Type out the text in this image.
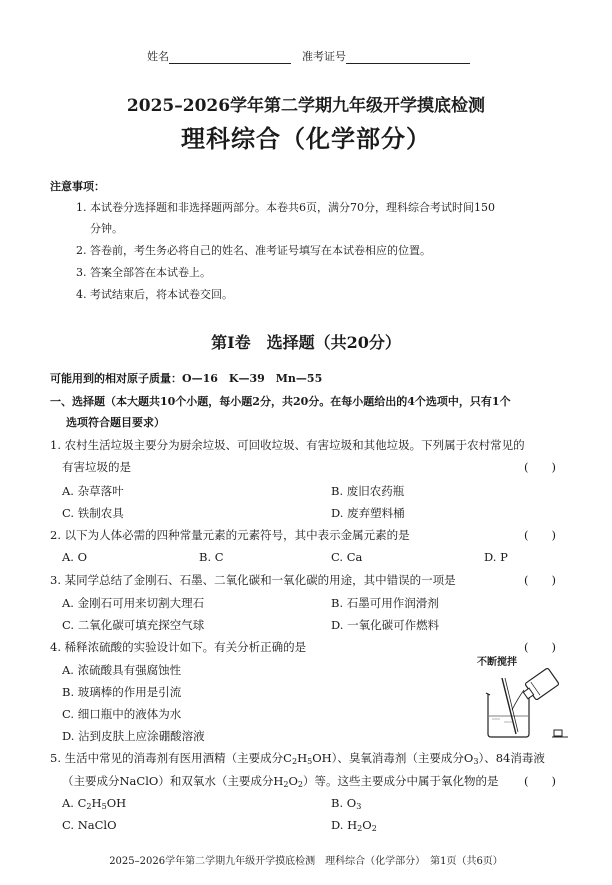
姓名	准考证号
2025–2026学年第二学期九年级开学摸底检测
理科综合（化学部分）
注意事项：
1. 本试卷分选择题和非选择题两部分。本卷共6页，满分70分，理科综合考试时间150
分钟。
2. 答卷前，考生务必将自己的姓名、准考证号填写在本试卷相应的位置。
3. 答案全部答在本试卷上。
4. 考试结束后，将本试卷交回。
第Ⅰ卷　选择题（共20分）
可能用到的相对原子质量：O—16　K—39　Mn—55
一、选择题（本大题共10个小题，每小题2分，共20分。在每小题给出的4个选项中，只有1个
选项符合题目要求）
1. 农村生活垃圾主要分为厨余垃圾、可回收垃圾、有害垃圾和其他垃圾。下列属于农村常见的
有害垃圾的是	(　　)
A. 杂草落叶	B. 废旧农药瓶
C. 铁制农具	D. 废弃塑料桶
2. 以下为人体必需的四种常量元素的元素符号，其中表示金属元素的是	(　　)
A. O	B. C	C. Ca	D. P
3. 某同学总结了金刚石、石墨、二氧化碳和一氧化碳的用途，其中错误的一项是	(　　)
A. 金刚石可用来切割大理石	B. 石墨可用作润滑剂
C. 二氧化碳可填充探空气球	D. 一氧化碳可作燃料
4. 稀释浓硫酸的实验设计如下。有关分析正确的是	(　　)
A. 浓硫酸具有强腐蚀性
B. 玻璃棒的作用是引流
C. 细口瓶中的液体为水
D. 沾到皮肤上应涂硼酸溶液
不断搅拌
5. 生活中常见的消毒剂有医用酒精（主要成分$C_2H_5OH$）、臭氧消毒剂（主要成分$O_3$）、84消毒液
（主要成分NaClO）和双氧水（主要成分$H_2O_2$）等。这些主要成分中属于氧化物的是 (　　)
A. $C_2H_5OH$	B. $O_3$
C. NaClO	D. $H_2O_2$
2025–2026学年第二学期九年级开学摸底检测　理科综合（化学部分）　第1页（共6页）
